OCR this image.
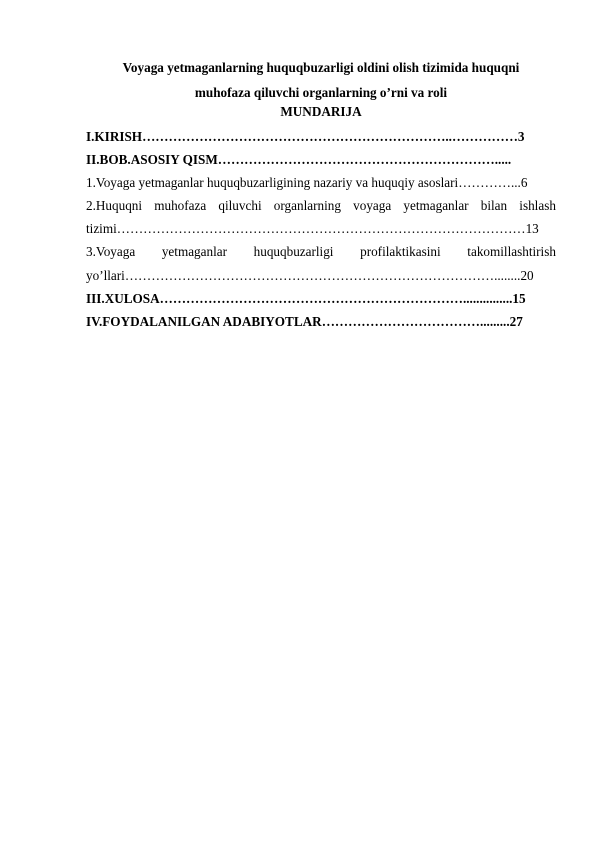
Voyaga yetmaganlarning huquqbuzarligi oldini olish tizimida huquqni
muhofaza qiluvchi organlarning o’rni va roli
MUNDARIJA
I.KIRISH……………………………………………………………..……………3
II.BOB.ASOSIY QISM……………………………………………………….....
1.Voyaga yetmaganlar huquqbuzarligining nazariy va huquqiy asoslari…………...6
2.Huquqni muhofaza qiluvchi organlarning voyaga yetmaganlar bilan ishlash
tizimi…………………………………………………………………………………13
3.Voyaga yetmaganlar huquqbuzarligi profilaktikasini takomillashtirish
yo’llari…………………………………………………………………………........20
III.XULOSA……………………………………………………………...............15
IV.FOYDALANILGAN ADABIYOTLAR……………………………….........27
